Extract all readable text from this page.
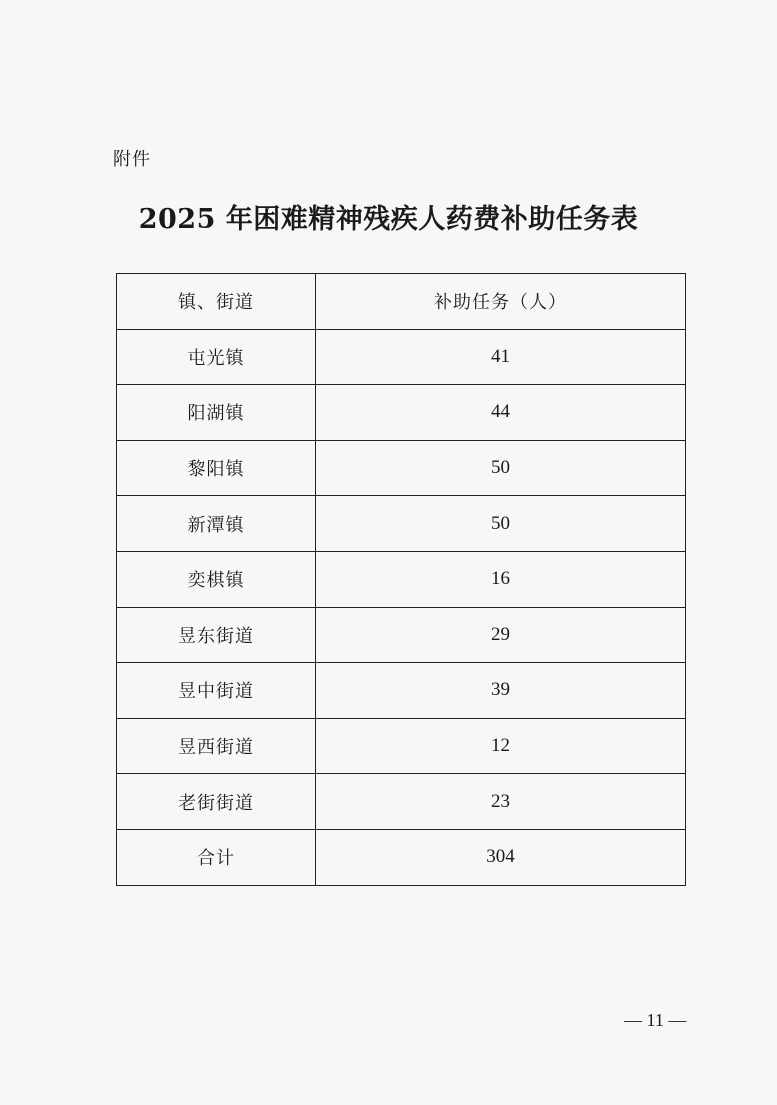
附件
2025 年困难精神残疾人药费补助任务表
镇、街道	补助任务（人）
屯光镇	41
阳湖镇	44
黎阳镇	50
新潭镇	50
奕棋镇	16
昱东街道	29
昱中街道	39
昱西街道	12
老街街道	23
合计	304
— 11 —
